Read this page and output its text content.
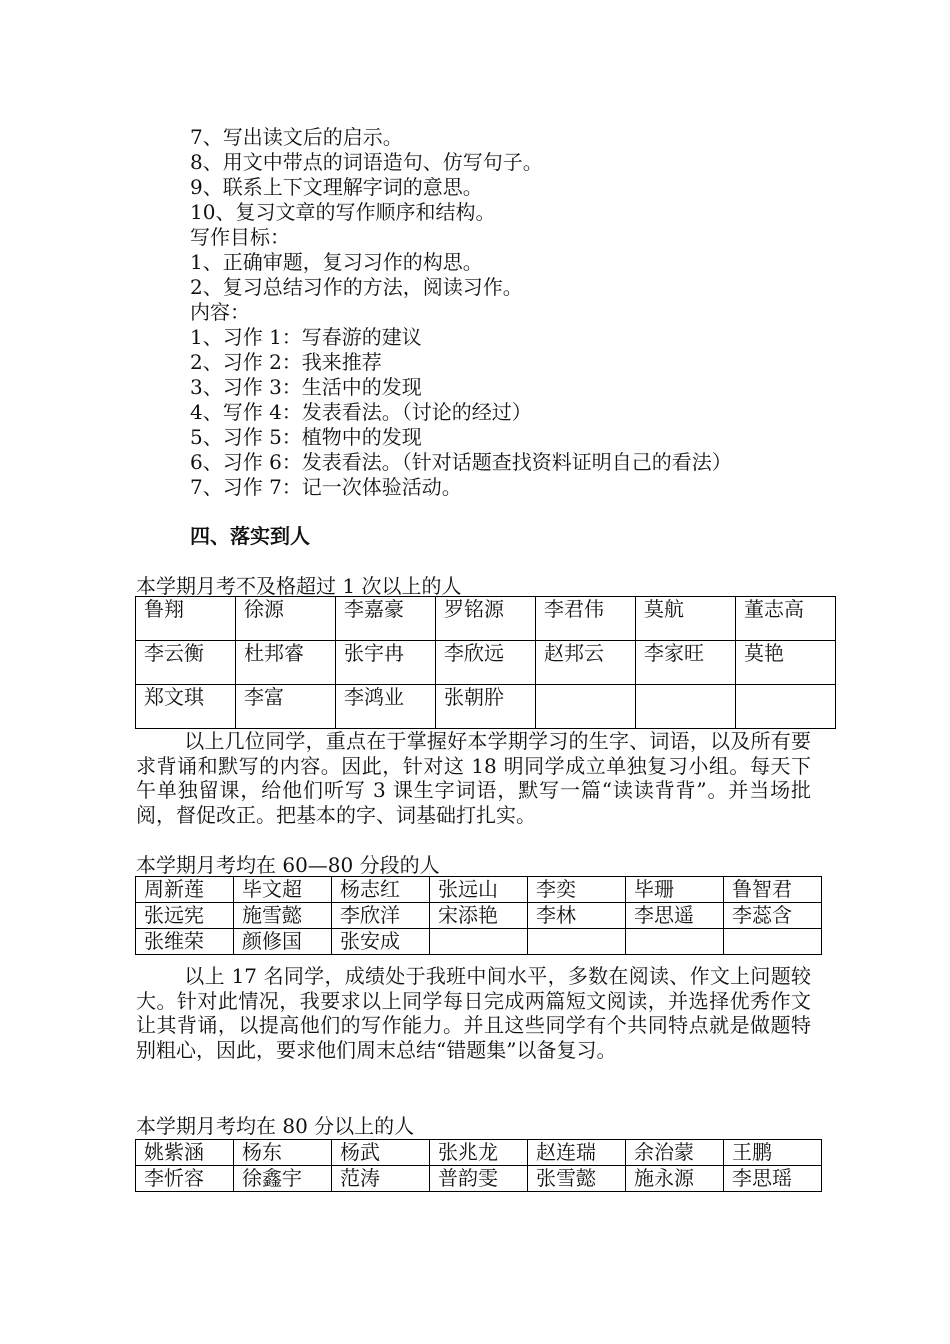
7、写出读文后的启示。
8、用文中带点的词语造句、仿写句子。
9、联系上下文理解字词的意思。
10、复习文章的写作顺序和结构。
写作目标：
1、正确审题，复习习作的构思。
2、复习总结习作的方法，阅读习作。
内容：
1、习作 1：写春游的建议
2、习作 2：我来推荐
3、习作 3：生活中的发现
4、写作 4：发表看法。（讨论的经过）
5、习作 5：植物中的发现
6、习作 6：发表看法。（针对话题查找资料证明自己的看法）
7、习作 7：记一次体验活动。
四、落实到人
本学期月考不及格超过 1 次以上的人
鲁翔	徐源	李嘉豪	罗铭源	李君伟	莫航	董志高
李云衡	杜邦睿	张宇冉	李欣远	赵邦云	李家旺	莫艳
郑文琪	李富	李鸿业	张朝肸			
以上几位同学，重点在于掌握好本学期学习的生字、词语，以及所有要求背诵和默写的内容。因此，针对这 18 明同学成立单独复习小组。每天下午单独留课，给他们听写 3 课生字词语，默写一篇“读读背背”。并当场批阅，督促改正。把基本的字、词基础打扎实。
本学期月考均在 60—80 分段的人
周新莲	毕文超	杨志红	张远山	李奕	毕珊	鲁智君
张远宪	施雪懿	李欣洋	宋添艳	李林	李思遥	李蕊含
张维荣	颜修国	张安成				
以上 17 名同学，成绩处于我班中间水平，多数在阅读、作文上问题较大。针对此情况，我要求以上同学每日完成两篇短文阅读，并选择优秀作文让其背诵，以提高他们的写作能力。并且这些同学有个共同特点就是做题特别粗心，因此，要求他们周末总结“错题集”以备复习。
本学期月考均在 80 分以上的人
姚紫涵	杨东	杨武	张兆龙	赵连瑞	余治蒙	王鹏
李忻容	徐鑫宇	范涛	普韵雯	张雪懿	施永源	李思瑶
